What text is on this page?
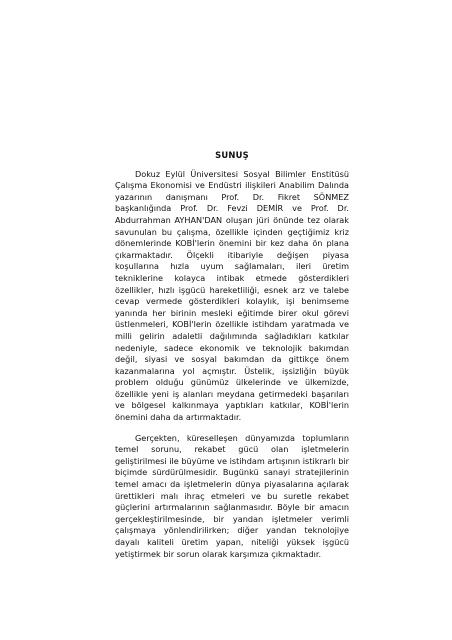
SUNUŞ

Dokuz Eylül Üniversitesi Sosyal Bilimler Enstitüsü Çalışma Ekonomisi ve Endüstri ilişkileri Anabilim Dalında yazarının danışmanı Prof. Dr. Fikret SÖNMEZ başkanlığında Prof. Dr. Fevzi DEMİR ve Prof. Dr. Abdurrahman AYHAN'DAN oluşan jüri önünde tez olarak savunulan bu çalışma, özellikle içinden geçtiğimiz kriz dönemlerinde KOBİ'lerin önemini bir kez daha ön plana çıkarmaktadır. Ölçekli itibariyle değişen piyasa koşullarına hızla uyum sağlamaları, ileri üretim tekniklerine kolayca intibak etmede gösterdikleri özellikler, hızlı işgücü hareketliliği, esnek arz ve talebe cevap vermede gösterdikleri kolaylık, işi benimseme yanında her birinin mesleki eğitimde birer okul görevi üstlenmeleri, KOBİ'lerin özellikle istihdam yaratmada ve milli gelirin adaletli dağılımında sağladıkları katkılar nedeniyle, sadece ekonomik ve teknolojik bakımdan değil, siyasi ve sosyal bakımdan da gittikçe önem kazanmalarına yol açmıştır. Üstelik, işsizliğin büyük problem olduğu günümüz ülkelerinde ve ülkemizde, özellikle yeni iş alanları meydana getirmedeki başarıları ve bölgesel kalkınmaya yaptıkları katkılar, KOBİ'lerin önemini daha da artırmaktadır.

Gerçekten, küreselleşen dünyamızda toplumların temel sorunu, rekabet gücü olan işletmelerin geliştirilmesi ile büyüme ve istihdam artışının istikrarlı bir biçimde sürdürülmesidir. Bugünkü sanayi stratejilerinin temel amacı da işletmelerin dünya piyasalarına açılarak ürettikleri malı ihraç etmeleri ve bu suretle rekabet güçlerini artırmalarının sağlanmasıdır. Böyle bir amacın gerçekleştirilmesinde, bir yandan işletmeler verimli çalışmaya yönlendirilirken; diğer yandan teknolojiye dayalı kaliteli üretim yapan, niteliği yüksek işgücü yetiştirmek bir sorun olarak karşımıza çıkmaktadır.
